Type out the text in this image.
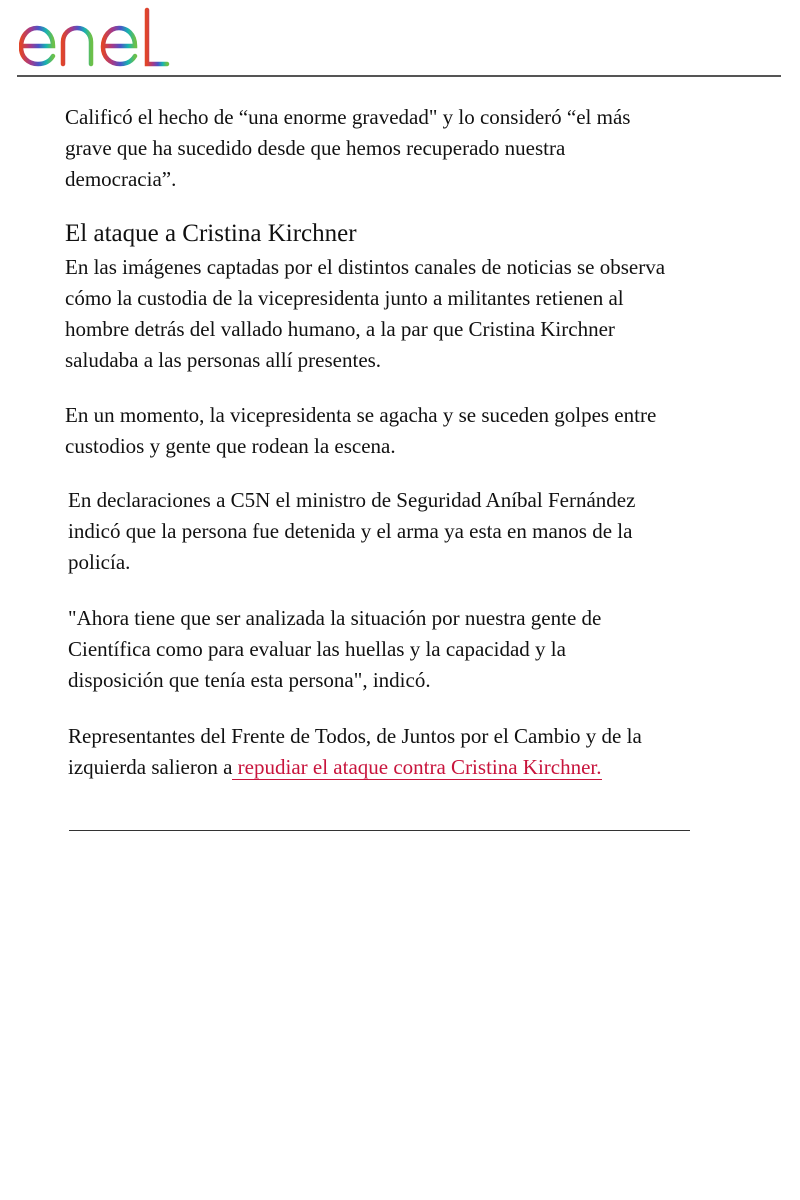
Calificó el hecho de “una enorme gravedad" y lo consideró “el más grave que ha sucedido desde que hemos recuperado nuestra democracia”.

El ataque a Cristina Kirchner

En las imágenes captadas por el distintos canales de noticias se observa cómo la custodia de la vicepresidenta junto a militantes retienen al hombre detrás del vallado humano, a la par que Cristina Kirchner saludaba a las personas allí presentes.

En un momento, la vicepresidenta se agacha y se suceden golpes entre custodios y gente que rodean la escena.

En declaraciones a C5N el ministro de Seguridad Aníbal Fernández indicó que la persona fue detenida y el arma ya esta en manos de la policía.

"Ahora tiene que ser analizada la situación por nuestra gente de Científica como para evaluar las huellas y la capacidad y la disposición que tenía esta persona", indicó.

Representantes del Frente de Todos, de Juntos por el Cambio y de la izquierda salieron a repudiar el ataque contra Cristina Kirchner.
